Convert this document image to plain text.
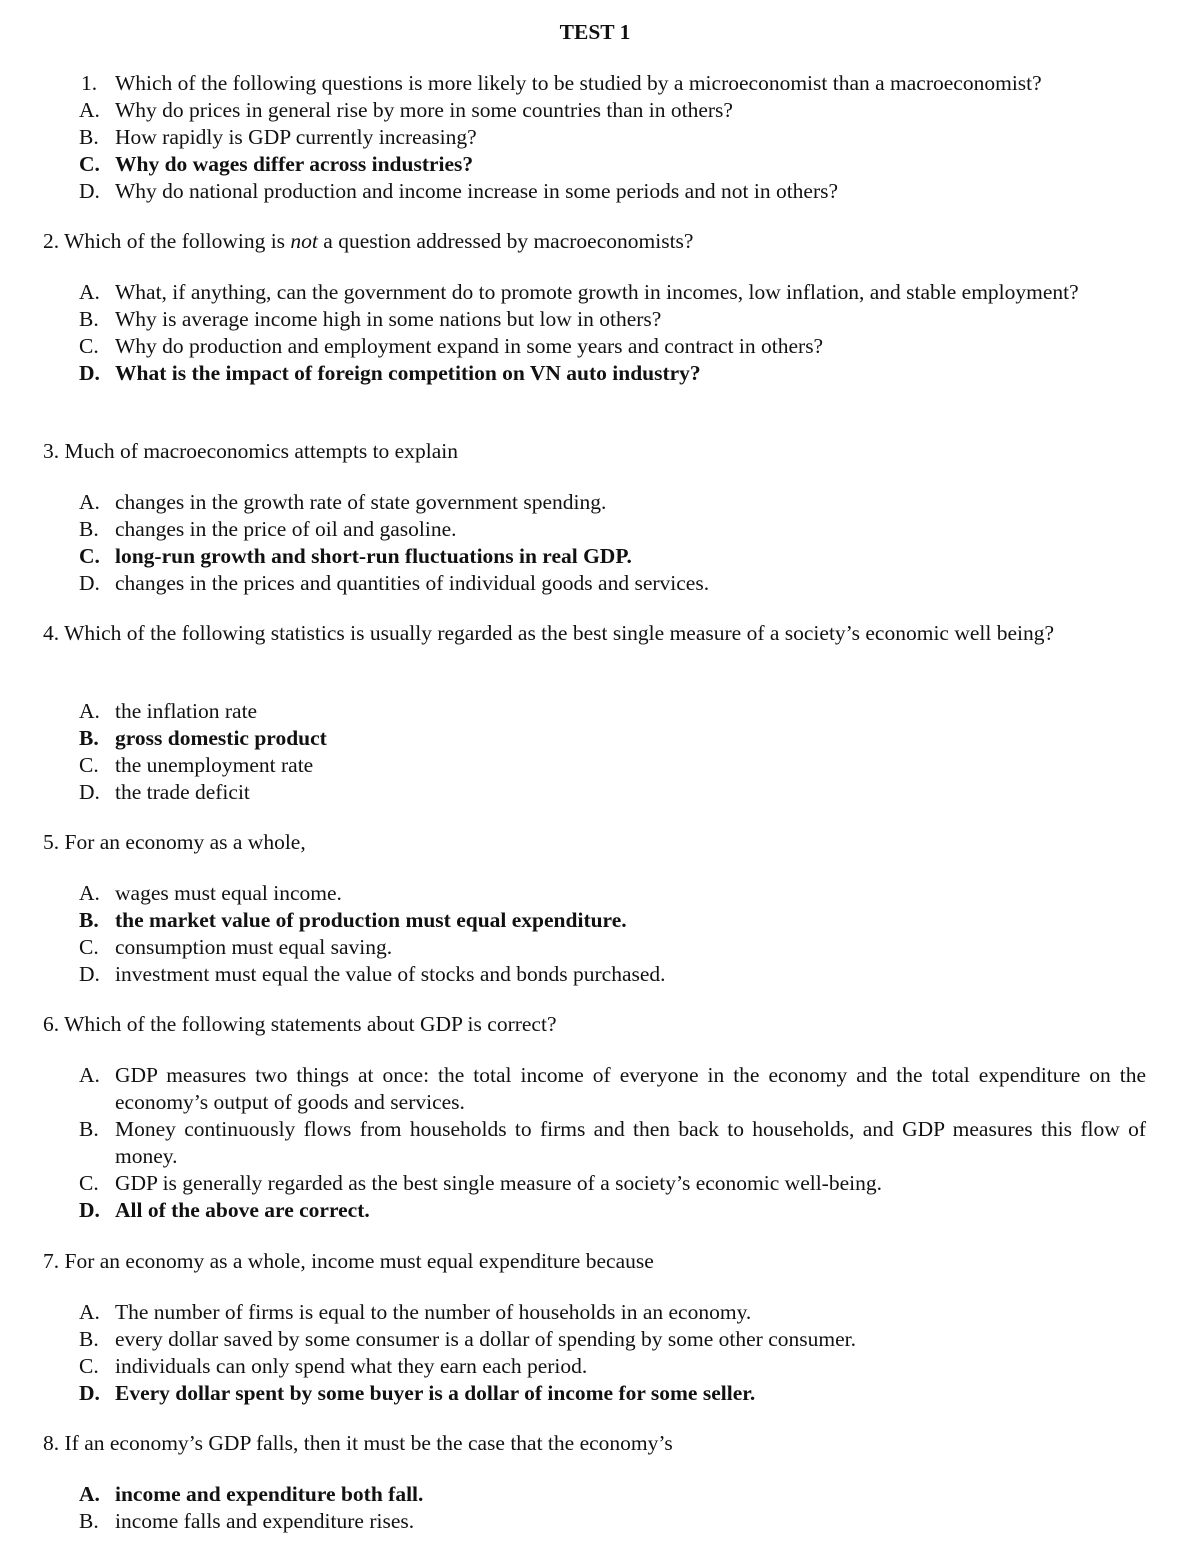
TEST 1

1. Which of the following questions is more likely to be studied by a microeconomist than a macroeconomist?

A. Why do prices in general rise by more in some countries than in others?
B. How rapidly is GDP currently increasing?
C. Why do wages differ across industries?
D. Why do national production and income increase in some periods and not in others?

2. Which of the following is not a question addressed by macroeconomists?

A. What, if anything, can the government do to promote growth in incomes, low inflation, and stable employment?
B. Why is average income high in some nations but low in others?
C. Why do production and employment expand in some years and contract in others?
D. What is the impact of foreign competition on VN auto industry?

3. Much of macroeconomics attempts to explain

A. changes in the growth rate of state government spending.
B. changes in the price of oil and gasoline.
C. long-run growth and short-run fluctuations in real GDP.
D. changes in the prices and quantities of individual goods and services.

4. Which of the following statistics is usually regarded as the best single measure of a society’s economic well being?

A. the inflation rate
B. gross domestic product
C. the unemployment rate
D. the trade deficit

5. For an economy as a whole,

A. wages must equal income.
B. the market value of production must equal expenditure.
C. consumption must equal saving.
D. investment must equal the value of stocks and bonds purchased.

6. Which of the following statements about GDP is correct?

A. GDP measures two things at once: the total income of everyone in the economy and the total expenditure on the economy’s output of goods and services.
B. Money continuously flows from households to firms and then back to households, and GDP measures this flow of money.
C. GDP is generally regarded as the best single measure of a society’s economic well-being.
D. All of the above are correct.

7. For an economy as a whole, income must equal expenditure because

A. The number of firms is equal to the number of households in an economy.
B. every dollar saved by some consumer is a dollar of spending by some other consumer.
C. individuals can only spend what they earn each period.
D. Every dollar spent by some buyer is a dollar of income for some seller.

8. If an economy’s GDP falls, then it must be the case that the economy’s

A. income and expenditure both fall.
B. income falls and expenditure rises.
